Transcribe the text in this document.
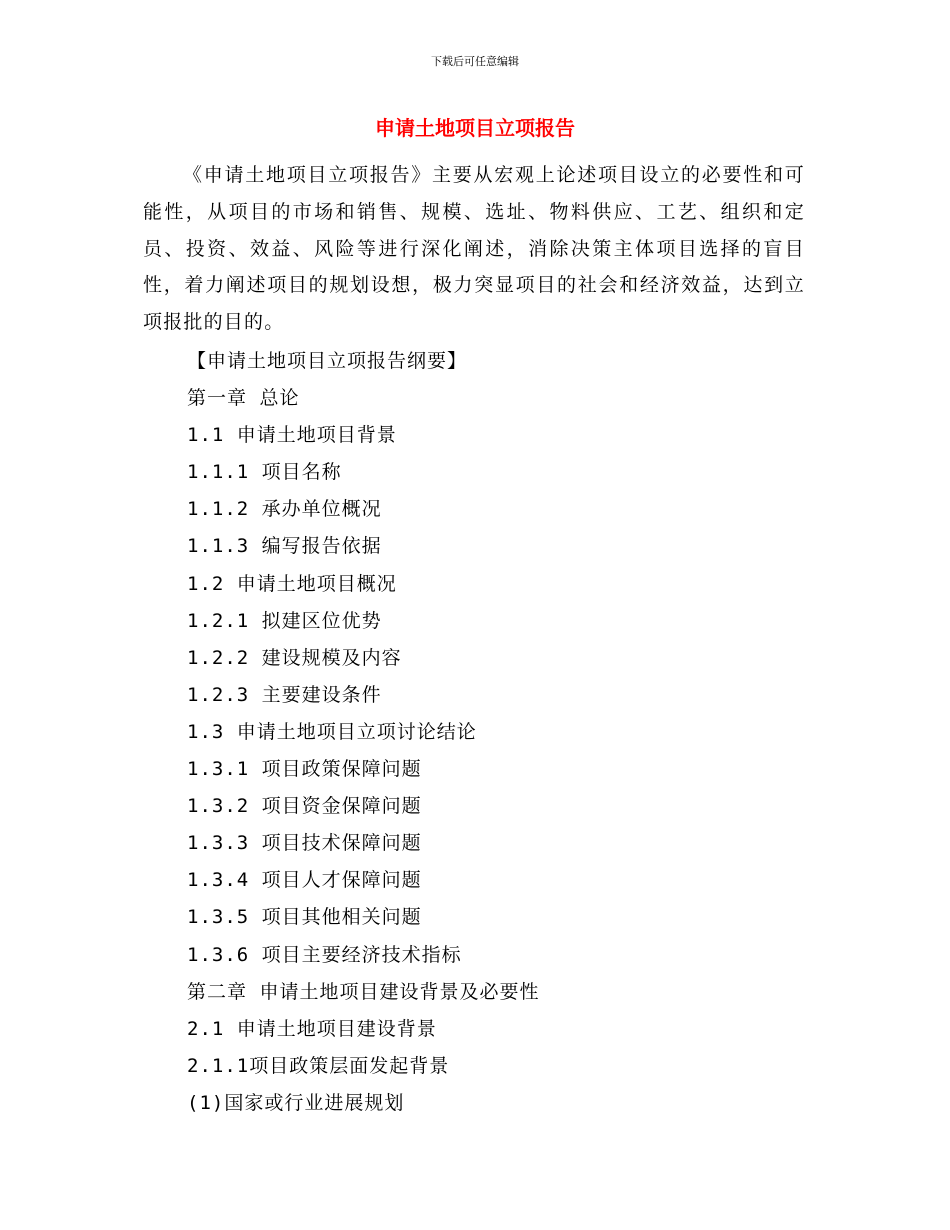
下载后可任意编辑
申请土地项目立项报告

《申请土地项目立项报告》主要从宏观上论述项目设立的必要性和可能性，从项目的市场和销售、规模、选址、物料供应、工艺、组织和定员、投资、效益、风险等进行深化阐述，消除决策主体项目选择的盲目性，着力阐述项目的规划设想，极力突显项目的社会和经济效益，达到立项报批的目的。

【申请土地项目立项报告纲要】
第一章 总论
1.1 申请土地项目背景
1.1.1 项目名称
1.1.2 承办单位概况
1.1.3 编写报告依据
1.2 申请土地项目概况
1.2.1 拟建区位优势
1.2.2 建设规模及内容
1.2.3 主要建设条件
1.3 申请土地项目立项讨论结论
1.3.1 项目政策保障问题
1.3.2 项目资金保障问题
1.3.3 项目技术保障问题
1.3.4 项目人才保障问题
1.3.5 项目其他相关问题
1.3.6 项目主要经济技术指标
第二章 申请土地项目建设背景及必要性
2.1 申请土地项目建设背景
2.1.1项目政策层面发起背景
(1)国家或行业进展规划
